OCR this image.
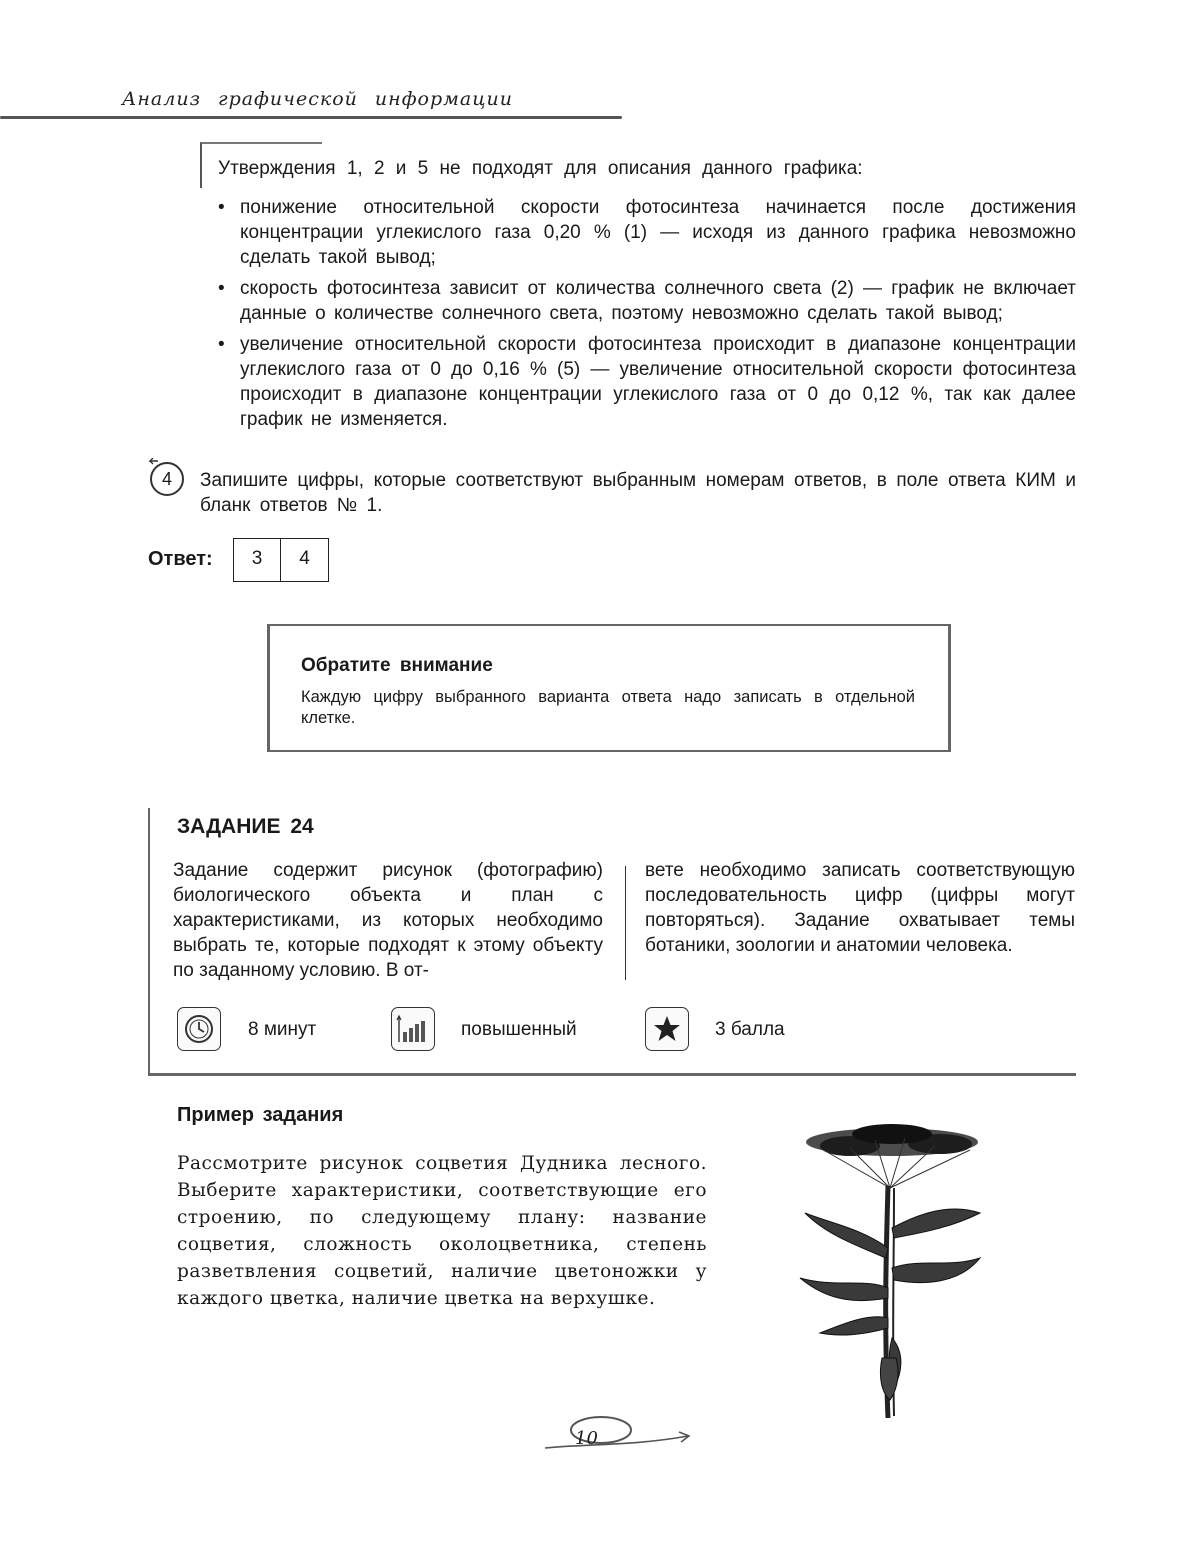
Анализ графической информации
Утверждения 1, 2 и 5 не подходят для описания данного графика:
• понижение относительной скорости фотосинтеза начинается после достижения концентрации углекислого газа 0,20 % (1) — исходя из данного графика невозможно сделать такой вывод;
• скорость фотосинтеза зависит от количества солнечного света (2) — график не включает данные о количестве солнечного света, поэтому невозможно сделать такой вывод;
• увеличение относительной скорости фотосинтеза происходит в диапазоне концентрации углекислого газа от 0 до 0,16 % (5) — увеличение относительной скорости фотосинтеза происходит в диапазоне концентрации углекислого газа от 0 до 0,12 %, так как далее график не изменяется.
4	Запишите цифры, которые соответствуют выбранным номерам ответов, в поле ответа КИМ и бланк ответов № 1.
Ответ:	3	4
Обратите внимание
Каждую цифру выбранного варианта ответа надо записать в отдельной клетке.
ЗАДАНИЕ 24
Задание содержит рисунок (фотографию) биологического объекта и план с характеристиками, из которых необходимо выбрать те, которые подходят к этому объекту по заданному условию. В от-
вете необходимо записать соответствующую последовательность цифр (цифры могут повторяться). Задание охватывает темы ботаники, зоологии и анатомии человека.
8 минут	повышенный	3 балла
Пример задания
Рассмотрите рисунок соцветия Дудника лесного. Выберите характеристики, соответствующие его строению, по следующему плану: название соцветия, сложность околоцветника, степень разветвления соцветий, наличие цветоножки у каждого цветка, наличие цветка на верхушке.
10
